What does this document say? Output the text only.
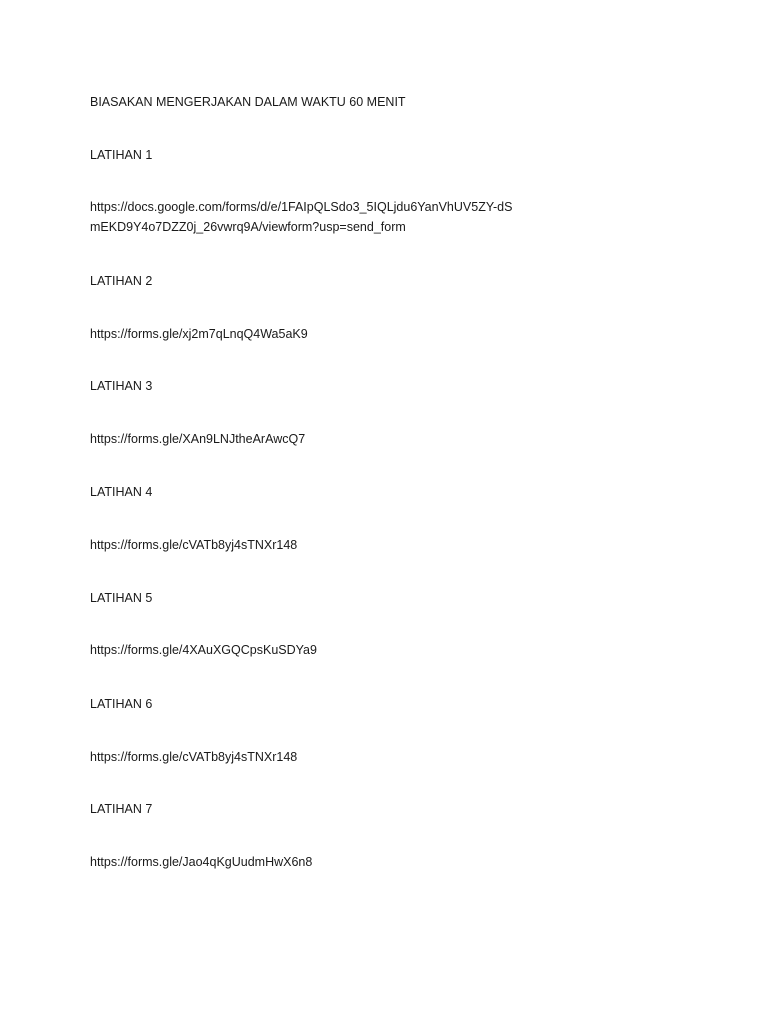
BIASAKAN MENGERJAKAN DALAM WAKTU 60 MENIT
LATIHAN 1
https://docs.google.com/forms/d/e/1FAIpQLSdo3_5IQLjdu6YanVhUV5ZY-dSmEKD9Y4o7DZZ0j_26vwrq9A/viewform?usp=send_form
LATIHAN 2
https://forms.gle/xj2m7qLnqQ4Wa5aK9
LATIHAN 3
https://forms.gle/XAn9LNJtheArAwcQ7
LATIHAN 4
https://forms.gle/cVATb8yj4sTNXr148
LATIHAN 5
https://forms.gle/4XAuXGQCpsKuSDYa9
LATIHAN 6
https://forms.gle/cVATb8yj4sTNXr148
LATIHAN 7
https://forms.gle/Jao4qKgUudmHwX6n8
